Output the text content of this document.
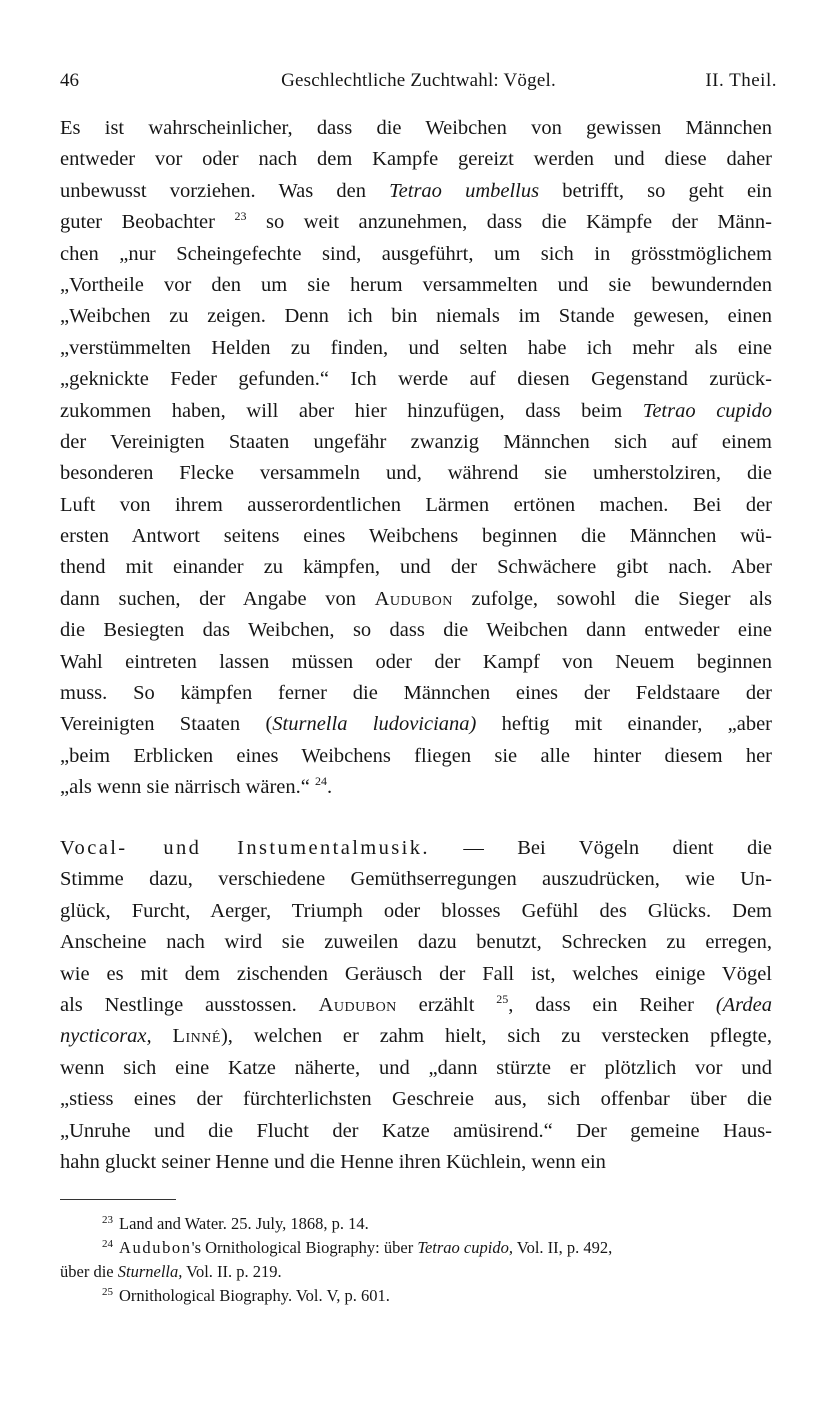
46	Geschlechtliche Zuchtwahl: Vögel.	II. Theil.
Es ist wahrscheinlicher, dass die Weibchen von gewissen Männchen
entweder vor oder nach dem Kampfe gereizt werden und diese daher
unbewusst vorziehen. Was den Tetrao umbellus betrifft, so geht ein
guter Beobachter $^{23}$ so weit anzunehmen, dass die Kämpfe der Männ-
chen „nur Scheingefechte sind, ausgeführt, um sich in grösstmöglichem
„Vortheile vor den um sie herum versammelten und sie bewundernden
„Weibchen zu zeigen. Denn ich bin niemals im Stande gewesen, einen
„verstümmelten Helden zu finden, und selten habe ich mehr als eine
„geknickte Feder gefunden.“ Ich werde auf diesen Gegenstand zurück-
zukommen haben, will aber hier hinzufügen, dass beim Tetrao cupido
der Vereinigten Staaten ungefähr zwanzig Männchen sich auf einem
besonderen Flecke versammeln und, während sie umherstolziren, die
Luft von ihrem ausserordentlichen Lärmen ertönen machen. Bei der
ersten Antwort seitens eines Weibchens beginnen die Männchen wü-
thend mit einander zu kämpfen, und der Schwächere gibt nach. Aber
dann suchen, der Angabe von Audubon zufolge, sowohl die Sieger als
die Besiegten das Weibchen, so dass die Weibchen dann entweder eine
Wahl eintreten lassen müssen oder der Kampf von Neuem beginnen
muss. So kämpfen ferner die Männchen eines der Feldstaare der
Vereinigten Staaten (Sturnella ludoviciana) heftig mit einander, „aber
„beim Erblicken eines Weibchens fliegen sie alle hinter diesem her
„als wenn sie närrisch wären.“ $^{24}$.
Vocal- und Instumentalmusik. — Bei Vögeln dient die
Stimme dazu, verschiedene Gemüthserregungen auszudrücken, wie Un-
glück, Furcht, Aerger, Triumph oder blosses Gefühl des Glücks. Dem
Anscheine nach wird sie zuweilen dazu benutzt, Schrecken zu erregen,
wie es mit dem zischenden Geräusch der Fall ist, welches einige Vögel
als Nestlinge ausstossen. Audubon erzählt $^{25}$, dass ein Reiher (Ardea
nycticorax, Linné), welchen er zahm hielt, sich zu verstecken pflegte,
wenn sich eine Katze näherte, und „dann stürzte er plötzlich vor und
„stiess eines der fürchterlichsten Geschreie aus, sich offenbar über die
„Unruhe und die Flucht der Katze amüsirend.“ Der gemeine Haus-
hahn gluckt seiner Henne und die Henne ihren Küchlein, wenn ein
$^{23}$ Land and Water. 25. July, 1868, p. 14.
$^{24}$ Audubon's Ornithological Biography: über Tetrao cupido, Vol. II, p. 492,
über die Sturnella, Vol. II. p. 219.
$^{25}$ Ornithological Biography. Vol. V, p. 601.
